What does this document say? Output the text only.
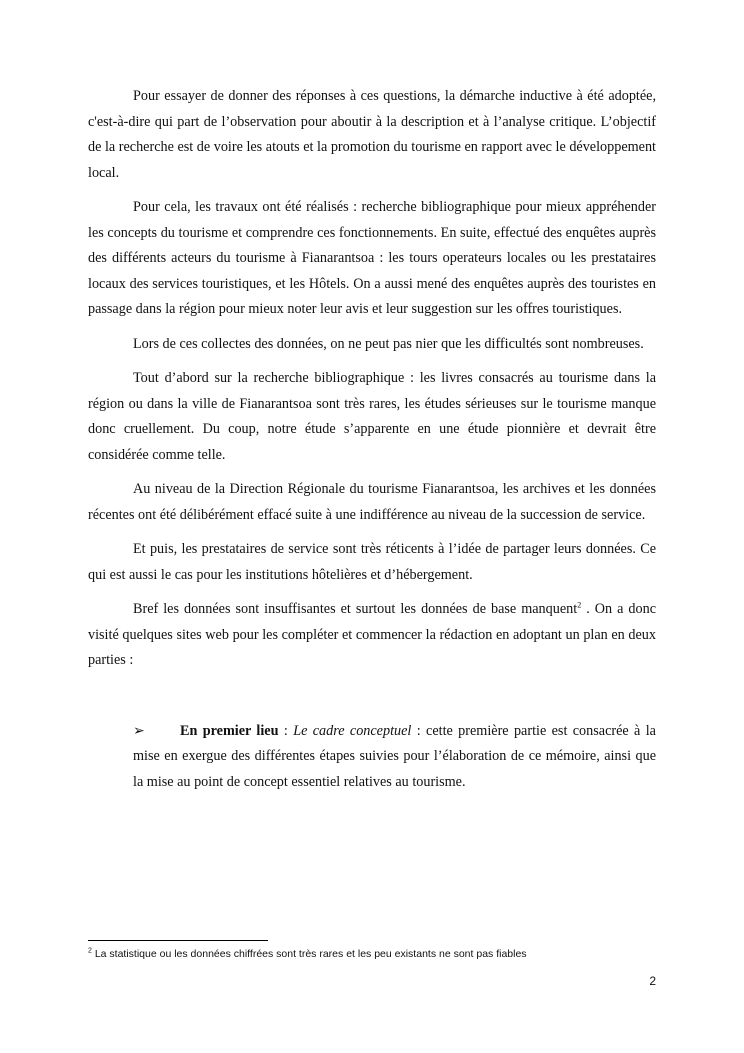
Pour essayer de donner des réponses à ces questions, la démarche inductive à été adoptée, c'est-à-dire qui part de l’observation pour aboutir à la description et à l’analyse critique. L’objectif de la recherche est de voire les atouts et la promotion du tourisme en rapport avec le développement local.

Pour cela, les travaux ont été réalisés : recherche bibliographique pour mieux appréhender les concepts du tourisme et comprendre ces fonctionnements. En suite, effectué des enquêtes auprès des différents acteurs du tourisme à Fianarantsoa : les tours operateurs locales ou les prestataires locaux des services touristiques, et les Hôtels. On a aussi mené des enquêtes auprès des touristes en passage dans la région pour mieux noter leur avis et leur suggestion sur les offres touristiques.

Lors de ces collectes des données, on ne peut pas nier que les difficultés sont nombreuses.

Tout d’abord sur la recherche bibliographique : les livres consacrés au tourisme dans la région ou dans la ville de Fianarantsoa sont très rares, les études sérieuses sur le tourisme manque donc cruellement. Du coup, notre étude s’apparente en une étude pionnière et devrait être considérée comme telle.

Au niveau de la Direction Régionale du tourisme Fianarantsoa, les archives et les données récentes ont été délibérément effacé suite à une indifférence au niveau de la succession de service.

Et puis, les prestataires de service sont très réticents à l’idée de partager leurs données. Ce qui est aussi le cas pour les institutions hôtelières et d’hébergement.

Bref les données sont insuffisantes et surtout les données de base manquent$^2$ . On a donc visité quelques sites web pour les compléter et commencer la rédaction en adoptant un plan en deux parties :

➢	En premier lieu : Le cadre conceptuel : cette première partie est consacrée à la mise en exergue des différentes étapes suivies pour l’élaboration de ce mémoire, ainsi que la mise au point de concept essentiel relatives au tourisme.

$^2$ La statistique ou les données chiffrées sont très rares et les peu existants ne sont pas fiables
2
